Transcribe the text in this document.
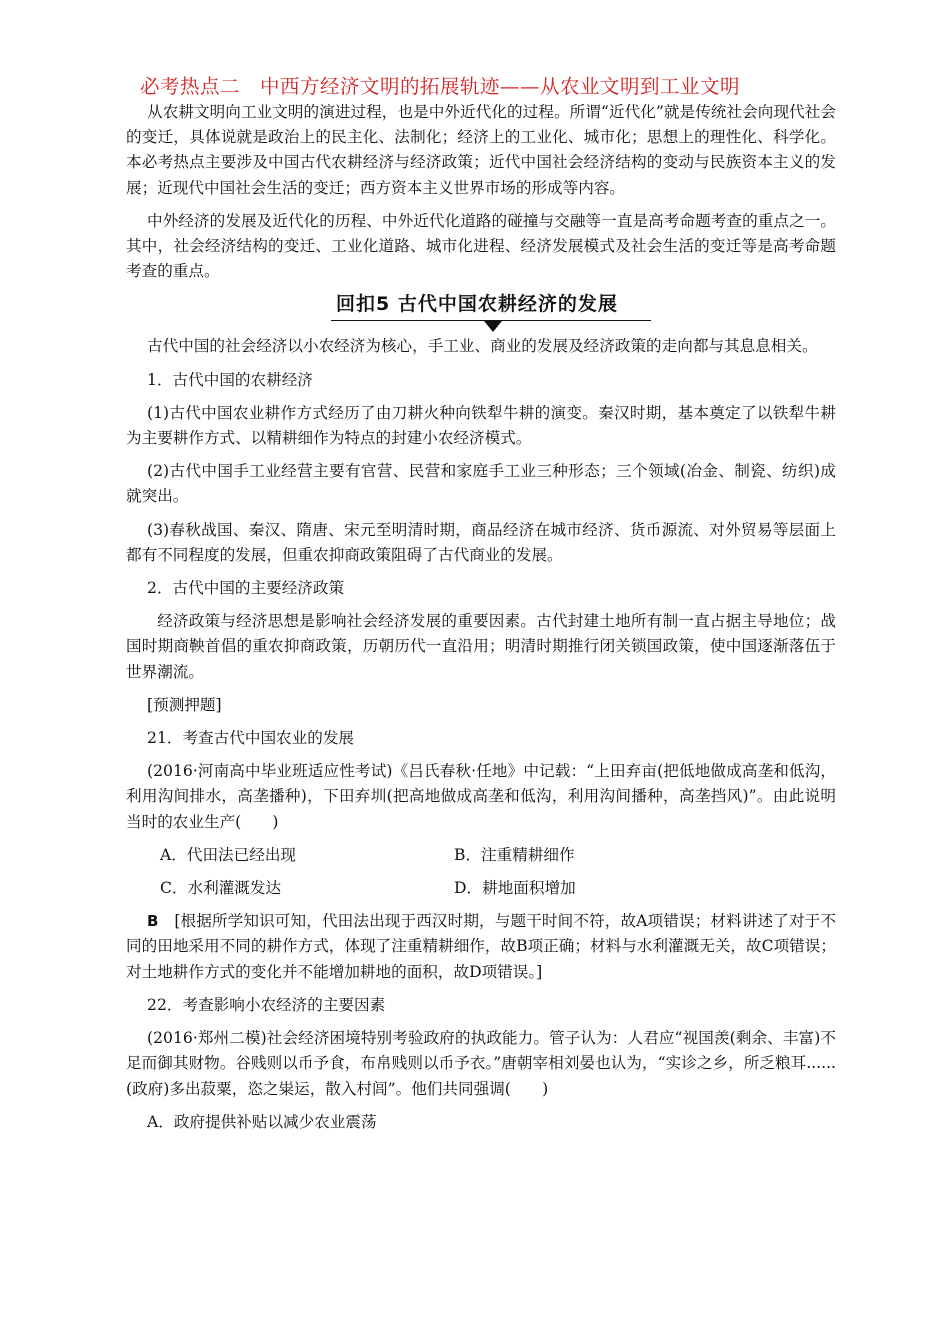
必考热点二　中西方经济文明的拓展轨迹——从农业文明到工业文明

从农耕文明向工业文明的演进过程，也是中外近代化的过程。所谓“近代化”就是传统社会向现代社会的变迁，具体说就是政治上的民主化、法制化；经济上的工业化、城市化；思想上的理性化、科学化。本必考热点主要涉及中国古代农耕经济与经济政策；近代中国社会经济结构的变动与民族资本主义的发展；近现代中国社会生活的变迁；西方资本主义世界市场的形成等内容。

中外经济的发展及近代化的历程、中外近代化道路的碰撞与交融等一直是高考命题考查的重点之一。其中，社会经济结构的变迁、工业化道路、城市化进程、经济发展模式及社会生活的变迁等是高考命题考查的重点。

回扣5 古代中国农耕经济的发展

古代中国的社会经济以小农经济为核心，手工业、商业的发展及经济政策的走向都与其息息相关。

1．古代中国的农耕经济

(1)古代中国农业耕作方式经历了由刀耕火种向铁犁牛耕的演变。秦汉时期，基本奠定了以铁犁牛耕为主要耕作方式、以精耕细作为特点的封建小农经济模式。

(2)古代中国手工业经营主要有官营、民营和家庭手工业三种形态；三个领域(冶金、制瓷、纺织)成就突出。

(3)春秋战国、秦汉、隋唐、宋元至明清时期，商品经济在城市经济、货币源流、对外贸易等层面上都有不同程度的发展，但重农抑商政策阻碍了古代商业的发展。

2．古代中国的主要经济政策

经济政策与经济思想是影响社会经济发展的重要因素。古代封建土地所有制一直占据主导地位；战国时期商鞅首倡的重农抑商政策，历朝历代一直沿用；明清时期推行闭关锁国政策，使中国逐渐落伍于世界潮流。

[预测押题]

21．考查古代中国农业的发展

(2016·河南高中毕业班适应性考试)《吕氏春秋·任地》中记载：“上田弃亩(把低地做成高垄和低沟，利用沟间排水，高垄播种)，下田弃圳(把高地做成高垄和低沟，利用沟间播种，高垄挡风)”。由此说明当时的农业生产(　　)

A．代田法已经出现	B．注重精耕细作
C．水利灌溉发达	D．耕地面积增加

B　 [根据所学知识可知，代田法出现于西汉时期，与题干时间不符，故A项错误；材料讲述了对于不同的田地采用不同的耕作方式，体现了注重精耕细作，故B项正确；材料与水利灌溉无关，故C项错误；对土地耕作方式的变化并不能增加耕地的面积，故D项错误。]

22．考查影响小农经济的主要因素

(2016·郑州二模)社会经济困境特别考验政府的执政能力。管子认为：人君应“视国羡(剩余、丰富)不足而御其财物。谷贱则以币予食，布帛贱则以币予衣。”唐朝宰相刘晏也认为，“实诊之乡，所乏粮耳......(政府)多出菽粟，恣之粜运，散入村闾”。他们共同强调(　　)

A．政府提供补贴以减少农业震荡
